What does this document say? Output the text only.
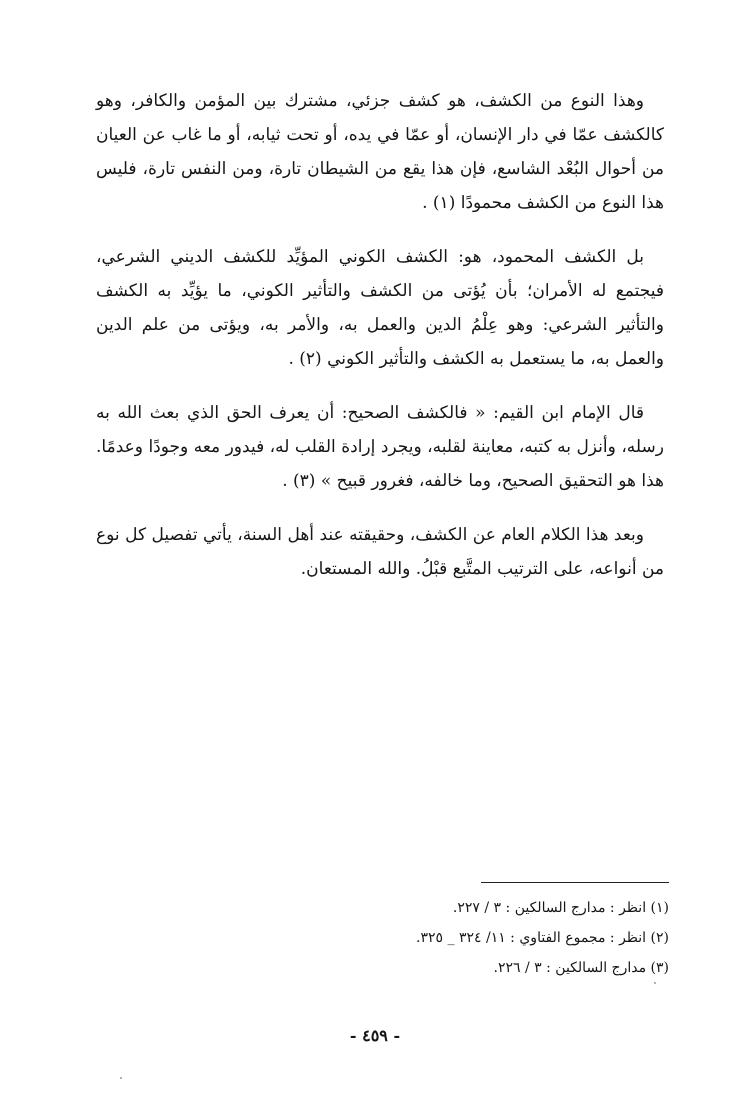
وهذا النوع من الكشف، هو كشف جزئي، مشترك بين المؤمن والكافر، وهو كالكشف عمّا في دار الإنسان، أو عمّا في يده، أو تحت ثيابه، أو ما غاب عن العيان من أحوال البُعْد الشاسع، فإن هذا يقع من الشيطان تارة، ومن النفس تارة، فليس هذا النوع من الكشف محمودًا (١) .

بل الكشف المحمود، هو: الكشف الكوني المؤيِّد للكشف الديني الشرعي، فيجتمع له الأمران؛ بأن يُؤتى من الكشف والتأثير الكوني، ما يؤيِّد به الكشف والتأثير الشرعي: وهو عِلْمُ الدين والعمل به، والأمر به، ويؤتى من علم الدين والعمل به، ما يستعمل به الكشف والتأثير الكوني (٢) .

قال الإمام ابن القيم: « فالكشف الصحيح: أن يعرف الحق الذي بعث الله به رسله، وأنزل به كتبه، معاينة لقلبه، ويجرد إرادة القلب له، فيدور معه وجودًا وعدمًا. هذا هو التحقيق الصحيح، وما خالفه، فغرور قبيح » (٣) .

وبعد هذا الكلام العام عن الكشف، وحقيقته عند أهل السنة، يأتي تفصيل كل نوع من أنواعه، على الترتيب المتَّبع قبْلُ. والله المستعان.

(١) انظر : مدارج السالكين : ٣ / ٢٢٧.

(٢) انظر : مجموع الفتاوي : ١١/ ٣٢٤ _ ٣٢٥.

(٣) مدارج السالكين : ٣ / ٢٢٦.

- ٤٥٩ -
